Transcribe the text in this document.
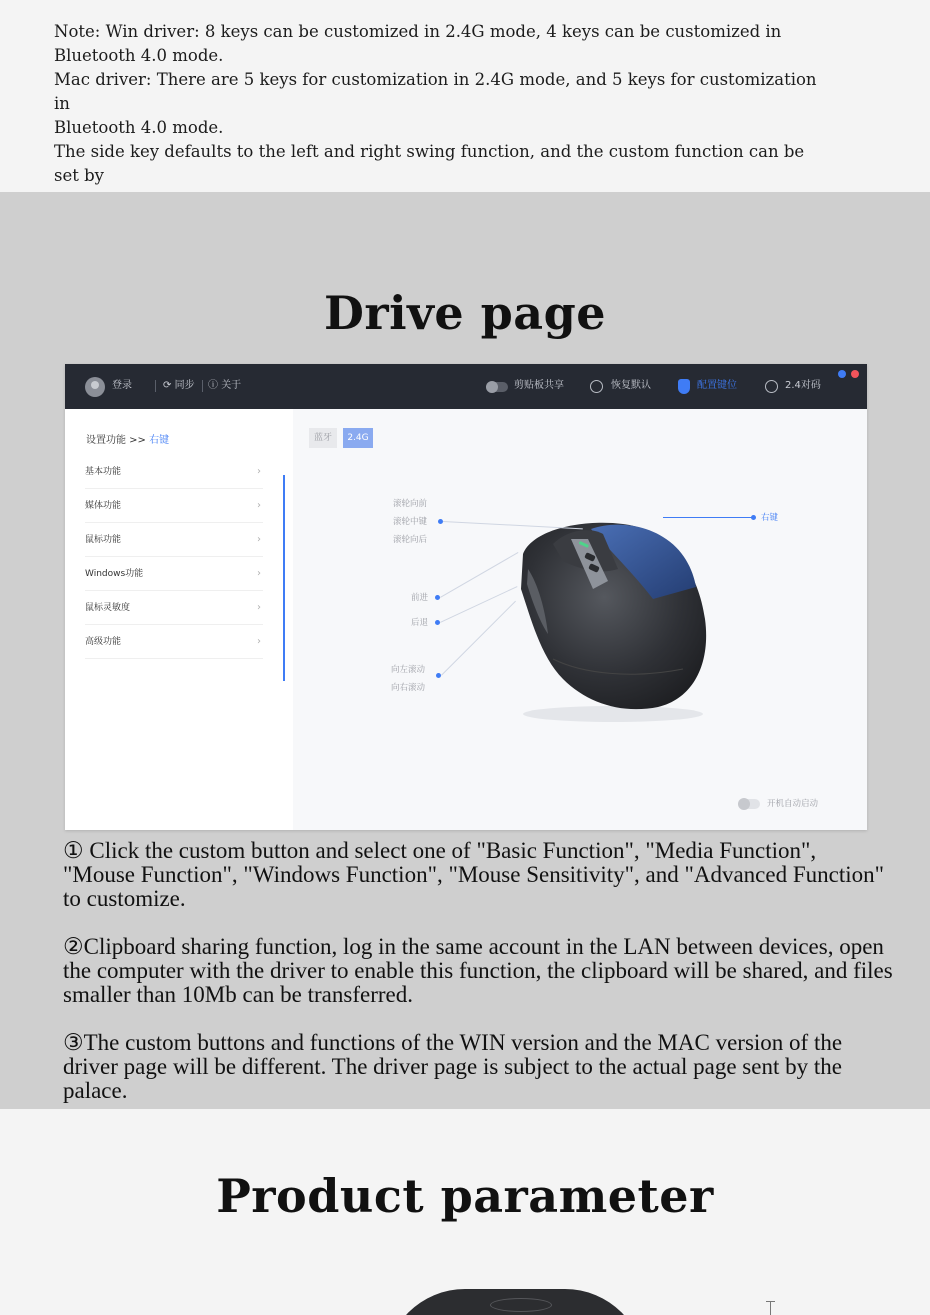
Note: Win driver: 8 keys can be customized in 2.4G mode, 4 keys can be customized in

Bluetooth 4.0 mode.

Mac driver: There are 5 keys for customization in 2.4G mode, and 5 keys for customization in

Bluetooth 4.0 mode.

The side key defaults to the left and right swing function, and the custom function can be set by

Drive page
登录	⟳ 同步 ⓘ 关于	剪贴板共享	恢复默认	配置键位	2.4对码
设置功能 >> 右键
基本功能	›
媒体功能	›
鼠标功能	›
Windows功能	›
鼠标灵敏度	›
高级功能	›
蓝牙	2.4G
滚轮向前
滚轮中键
滚轮向后
右键
前进
后退
向左滚动
向右滚动
开机自动启动

① Click the custom button and select one of "Basic Function", "Media Function", "Mouse Function", "Windows Function", "Mouse Sensitivity", and "Advanced Function" to customize.

②Clipboard sharing function, log in the same account in the LAN between devices, open the computer with the driver to enable this function, the clipboard will be shared, and files smaller than 10Mb can be transferred.

③The custom buttons and functions of the WIN version and the MAC version of the driver page will be different. The driver page is subject to the actual page sent by the palace.

Product parameter
